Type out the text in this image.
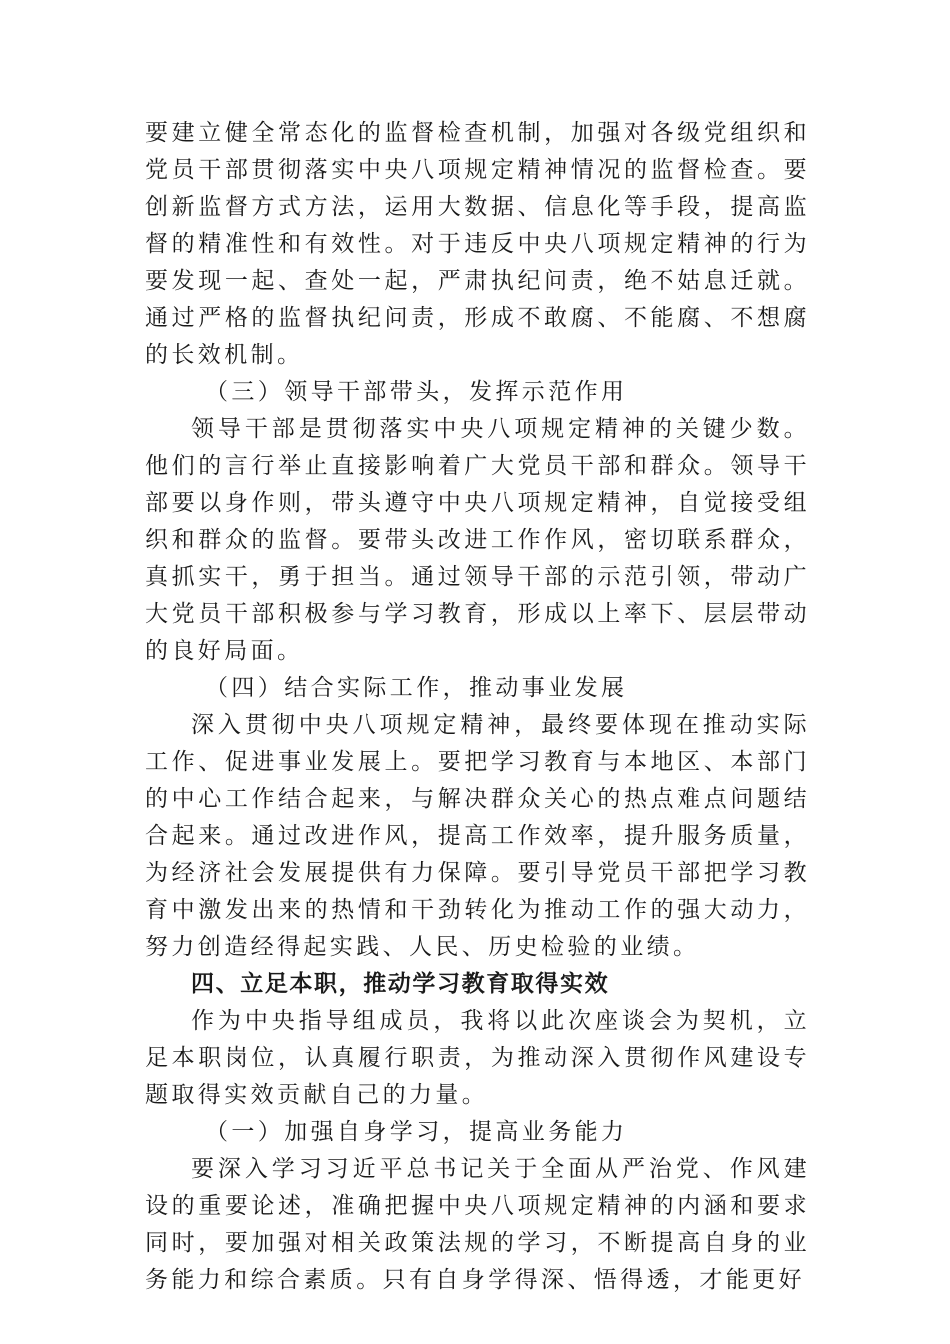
要建立健全常态化的监督检查机制，加强对各级党组织和党员干部贯彻落实中央八项规定精神情况的监督检查。要创新监督方式方法，运用大数据、信息化等手段，提高监督的精准性和有效性。对于违反中央八项规定精神的行为要发现一起、查处一起，严肃执纪问责，绝不姑息迁就。通过严格的监督执纪问责，形成不敢腐、不能腐、不想腐的长效机制。

（三）领导干部带头，发挥示范作用

领导干部是贯彻落实中央八项规定精神的关键少数。他们的言行举止直接影响着广大党员干部和群众。领导干部要以身作则，带头遵守中央八项规定精神，自觉接受组织和群众的监督。要带头改进工作作风，密切联系群众，真抓实干，勇于担当。通过领导干部的示范引领，带动广大党员干部积极参与学习教育，形成以上率下、层层带动的良好局面。

（四）结合实际工作，推动事业发展

深入贯彻中央八项规定精神，最终要体现在推动实际工作、促进事业发展上。要把学习教育与本地区、本部门的中心工作结合起来，与解决群众关心的热点难点问题结合起来。通过改进作风，提高工作效率，提升服务质量，为经济社会发展提供有力保障。要引导党员干部把学习教育中激发出来的热情和干劲转化为推动工作的强大动力，努力创造经得起实践、人民、历史检验的业绩。

四、立足本职，推动学习教育取得实效

作为中央指导组成员，我将以此次座谈会为契机，立足本职岗位，认真履行职责，为推动深入贯彻作风建设专题取得实效贡献自己的力量。

（一）加强自身学习，提高业务能力

要深入学习习近平总书记关于全面从严治党、作风建设的重要论述，准确把握中央八项规定精神的内涵和要求同时，要加强对相关政策法规的学习，不断提高自身的业务能力和综合素质。只有自身学得深、悟得透，才能更好
